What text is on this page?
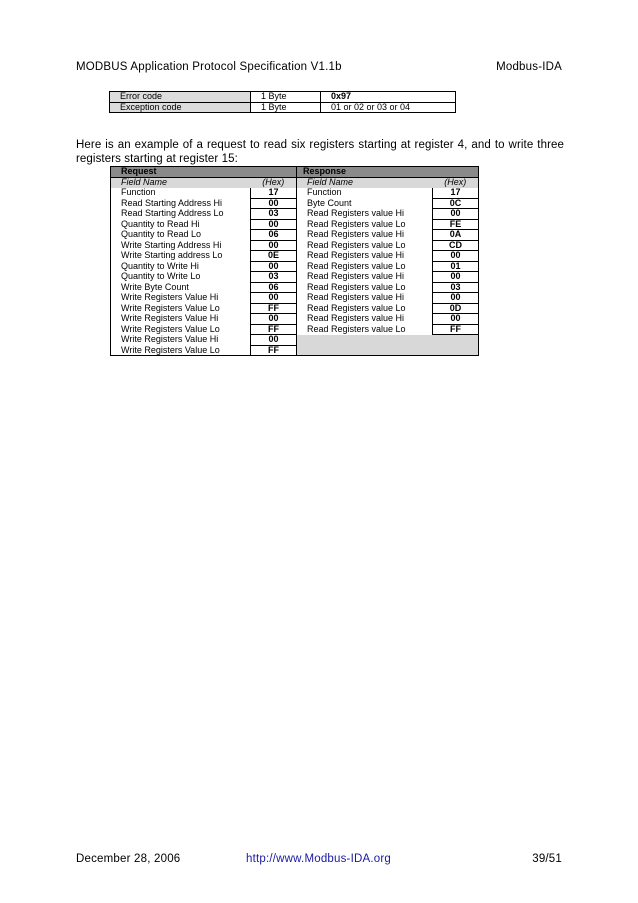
MODBUS Application Protocol Specification V1.1b	Modbus-IDA
Error code	1 Byte	0x97
Exception code	1 Byte	01 or 02 or 03 or 04

Here is an example of a request to read six registers starting at register 4, and to write three registers starting at register 15:

Request		Response	
Field Name	(Hex)	Field Name	(Hex)
Function	17	Function	17
Read Starting Address Hi	00	Byte Count	0C
Read Starting Address Lo	03	Read Registers value Hi	00
Quantity to Read Hi	00	Read Registers value Lo	FE
Quantity to Read Lo	06	Read Registers value Hi	0A
Write Starting Address Hi	00	Read Registers value Lo	CD
Write Starting address Lo	0E	Read Registers value Hi	00
Quantity to Write Hi	00	Read Registers value Lo	01
Quantity to Write Lo	03	Read Registers value Hi	00
Write Byte Count	06	Read Registers value Lo	03
Write Registers Value Hi	00	Read Registers value Hi	00
Write Registers Value Lo	FF	Read Registers value Lo	0D
Write Registers Value Hi	00	Read Registers value Hi	00
Write Registers Value Lo	FF	Read Registers value Lo	FF
Write Registers Value Hi	00		
Write Registers Value Lo	FF		
December 28, 2006	http://www.Modbus-IDA.org	39/51
